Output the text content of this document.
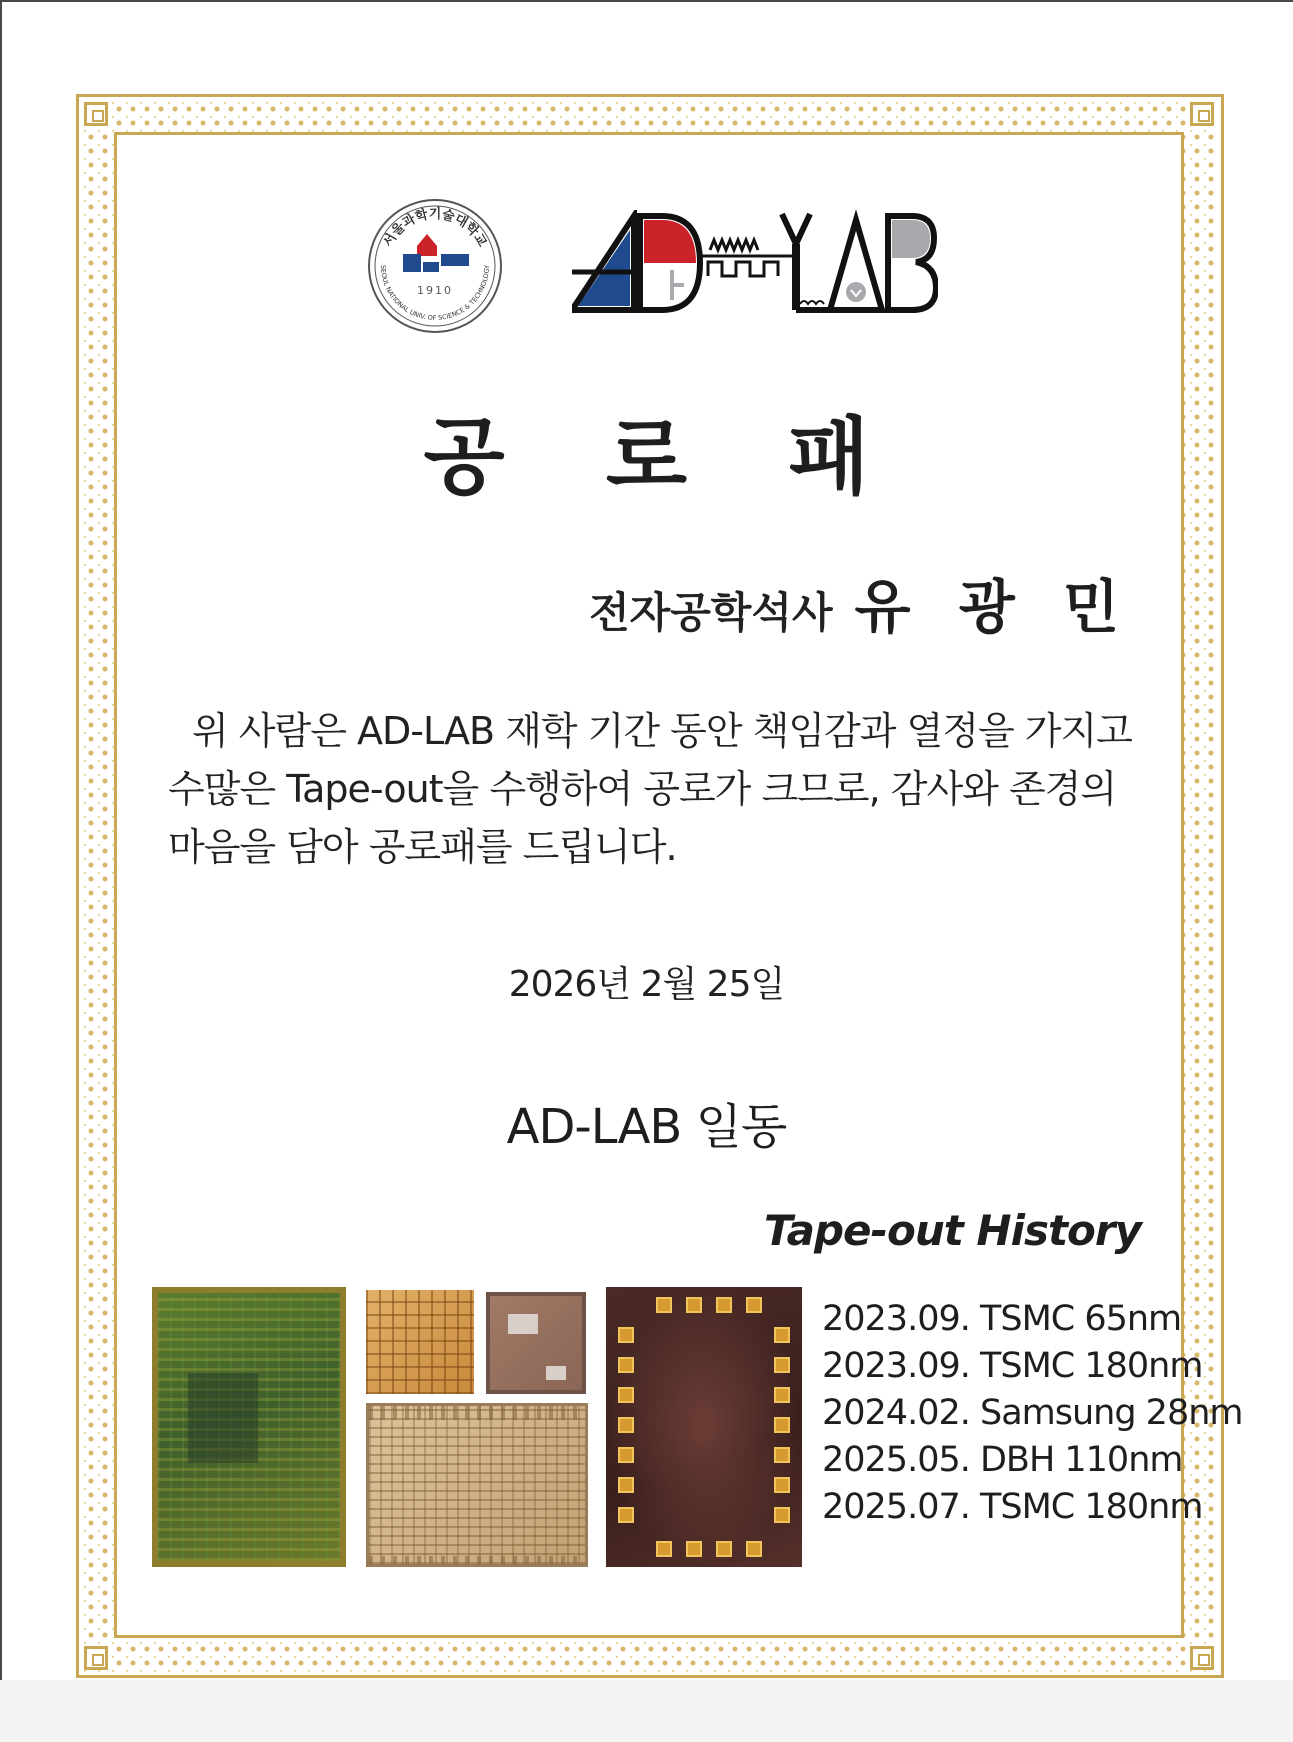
서울과학기술대학교
SEOUL NATIONAL UNIV. OF SCIENCE & TECHNOLOGY
1910
공 로 패
전자공학석사 유 광 민
위 사람은 AD-LAB 재학 기간 동안 책임감과 열정을 가지고
수많은 Tape-out을 수행하여 공로가 크므로, 감사와 존경의
마음을 담아 공로패를 드립니다.
2026년 2월 25일
AD-LAB 일동
Tape-out History
2023.09. TSMC 65nm
2023.09. TSMC 180nm
2024.02. Samsung 28nm
2025.05. DBH 110nm
2025.07. TSMC 180nm
